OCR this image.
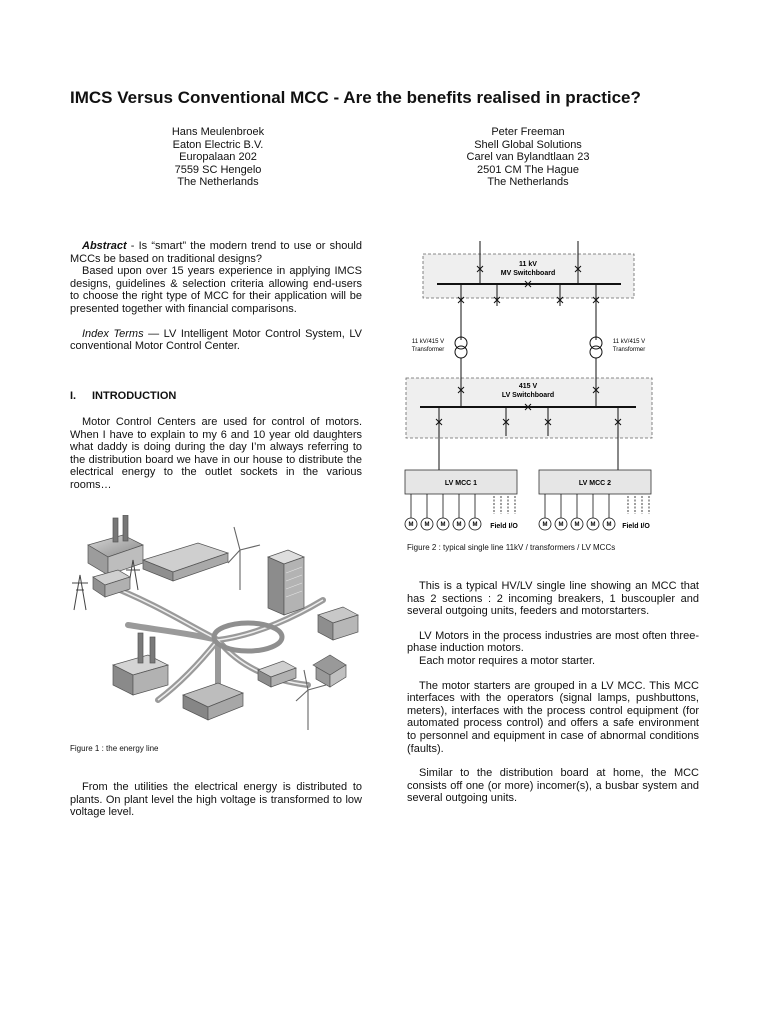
IMCS Versus Conventional MCC - Are the benefits realised in practice?
Hans Meulenbroek
Eaton Electric B.V.
Europalaan 202
7559 SC Hengelo
The Netherlands
Peter Freeman
Shell Global Solutions
Carel van Bylandtlaan 23
2501 CM The Hague
The Netherlands

Abstract - Is “smart” the modern trend to use or should MCCs be based on traditional designs?

Based upon over 15 years experience in applying IMCS designs, guidelines & selection criteria allowing end-users to choose the right type of MCC for their application will be presented together with financial comparisons.

Index Terms — LV Intelligent Motor Control System, LV conventional Motor Control Center.

I. INTRODUCTION

Motor Control Centers are used for control of motors. When I have to explain to my 6 and 10 year old daughters what daddy is doing during the day I’m always referring to the distribution board we have in our house to distribute the electrical energy to the outlet sockets in the various rooms…

Figure 1 : the energy line

From the utilities the electrical energy is distributed to plants. On plant level the high voltage is transformed to low voltage level.

11 kV
MV Switchboard
11 kV/415 V
Transformer
11 kV/415 V
Transformer
415 V
LV Switchboard
LV MCC 1	LV MCC 2
M M M M M Field I/O	M M M M M Field I/O
Figure 2 : typical single line 11kV / transformers / LV MCCs

This is a typical HV/LV single line showing an MCC that has 2 sections : 2 incoming breakers, 1 buscoupler and several outgoing units, feeders and motorstarters.

LV Motors in the process industries are most often three-phase induction motors.

Each motor requires a motor starter.

The motor starters are grouped in a LV MCC. This MCC interfaces with the operators (signal lamps, pushbuttons, meters), interfaces with the process control equipment (for automated process control) and offers a safe environment to personnel and equipment in case of abnormal conditions (faults).

Similar to the distribution board at home, the MCC consists off one (or more) incomer(s), a busbar system and several outgoing units.
